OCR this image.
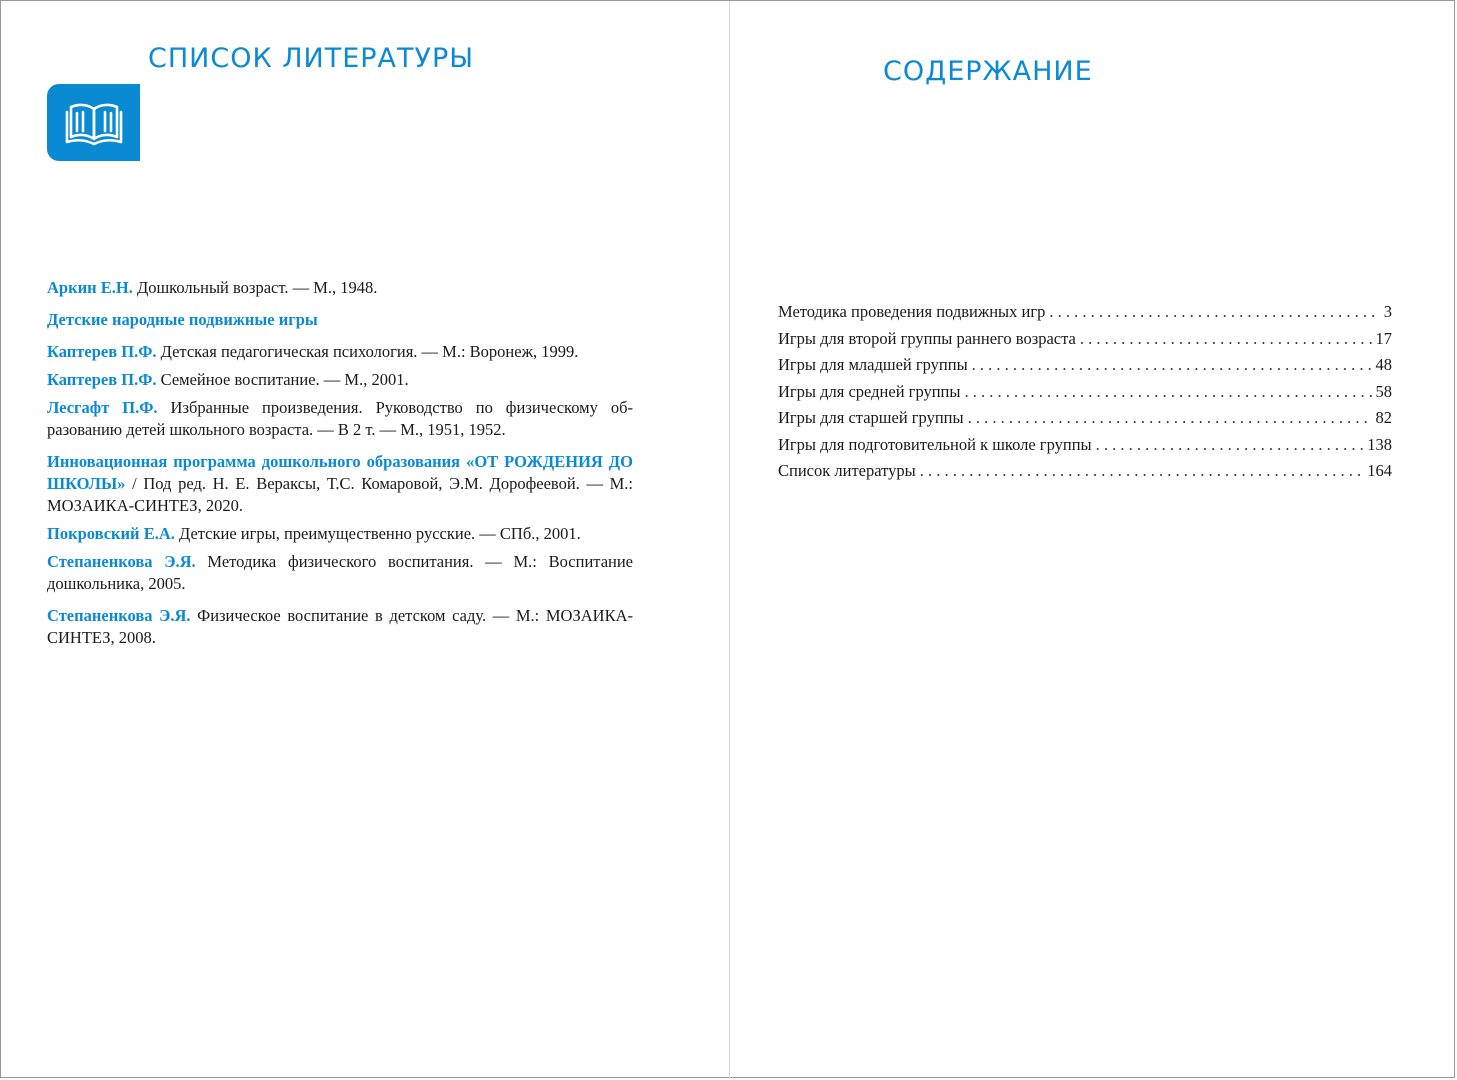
СПИСОК ЛИТЕРАТУРЫ

Аркин Е.Н. Дошкольный возраст. — М., 1948.

Детские народные подвижные игры

Каптерев П.Ф. Детская педагогическая психология. — М.: Воронеж, 1999.

Каптерев П.Ф. Семейное воспитание. — М., 2001.

Лесгафт П.Ф. Избранные произведения. Руководство по физическому образованию детей школьного возраста. — В 2 т. — М., 1951, 1952.

Инновационная программа дошкольного образования «ОТ РОЖДЕНИЯ ДО ШКОЛЫ» / Под ред. Н. Е. Вераксы, Т.С. Комаровой, Э.М. Дорофеевой. — М.: МОЗАИКА-СИНТЕЗ, 2020.

Покровский Е.А. Детские игры, преимущественно русские. — СПб., 2001.

Степаненкова Э.Я. Методика физического воспитания. — М.: Воспитание дошкольника, 2005.

Степаненкова Э.Я. Физическое воспитание в детском саду. — М.: МОЗАИКА-СИНТЕЗ, 2008.

СОДЕРЖАНИЕ
Методика проведения подвижных игр . . .	3
Игры для второй группы раннего возраста . . .	17
Игры для младшей группы . . .	48
Игры для средней группы . . .	58
Игры для старшей группы . . .	82
Игры для подготовительной к школе группы . . .	138
Список литературы . . .	164
